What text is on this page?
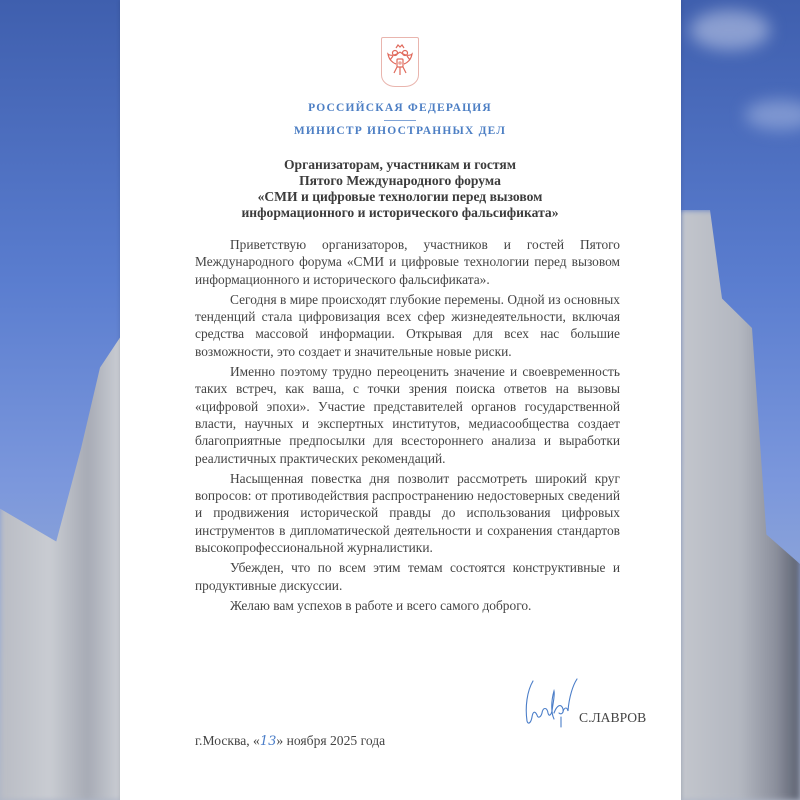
РОССИЙСКАЯ ФЕДЕРАЦИЯ
МИНИСТР ИНОСТРАННЫХ ДЕЛ
Организаторам, участникам и гостям
Пятого Международного форума
«СМИ и цифровые технологии перед вызовом
информационного и исторического фальсификата»

Приветствую организаторов, участников и гостей Пятого Международного форума «СМИ и цифровые технологии перед вызовом информационного и исторического фальсификата».

Сегодня в мире происходят глубокие перемены. Одной из основных тенденций стала цифровизация всех сфер жизнедеятельности, включая средства массовой информации. Открывая для всех нас большие возможности, это создает и значительные новые риски.

Именно поэтому трудно переоценить значение и своевременность таких встреч, как ваша, с точки зрения поиска ответов на вызовы «цифровой эпохи». Участие представителей органов государственной власти, научных и экспертных институтов, медиасообщества создает благоприятные предпосылки для всестороннего анализа и выработки реалистичных практических рекомендаций.

Насыщенная повестка дня позволит рассмотреть широкий круг вопросов: от противодействия распространению недостоверных сведений и продвижения исторической правды до использования цифровых инструментов в дипломатической деятельности и сохранения стандартов высокопрофессиональной журналистики.

Убежден, что по всем этим темам состоятся конструктивные и продуктивные дискуссии.

Желаю вам успехов в работе и всего самого доброго.

С.ЛАВРОВ
г.Москва, «13» ноября 2025 года
